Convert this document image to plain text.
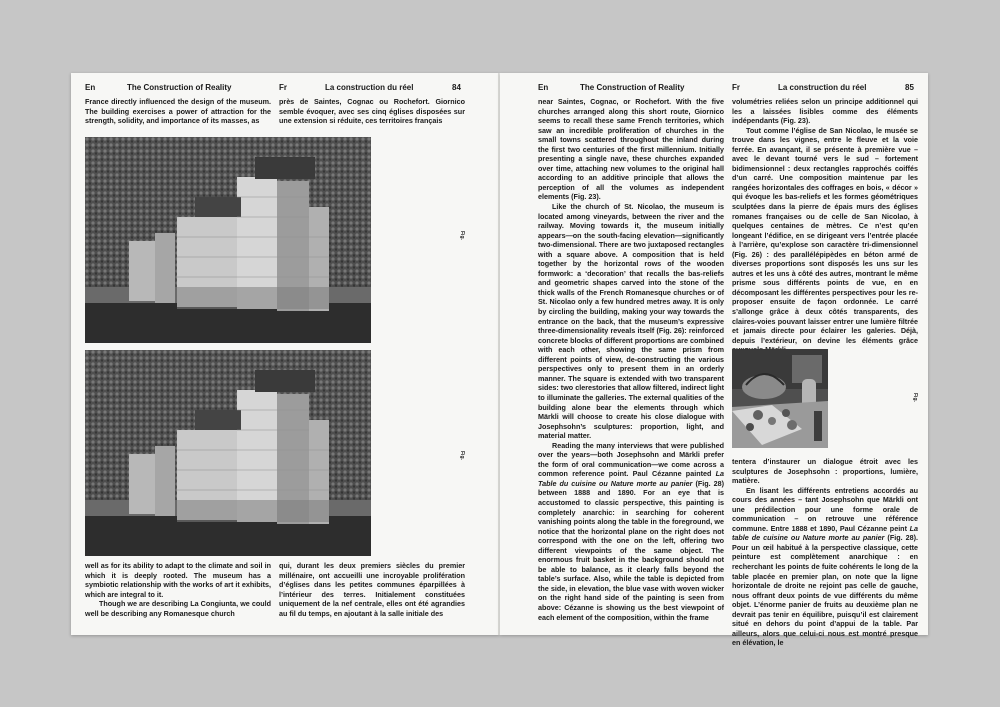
En	The Construction of Reality	Fr	La construction du réel	84

France directly influenced the design of the museum. The building exercises a power of attraction for the strength, solidity, and importance of its masses, as

près de Saintes, Cognac ou Rochefort. Giornico semble évoquer, avec ses cinq églises disposées sur une extension si réduite, ces territoires français

Fig.
Fig.

well as for its ability to adapt to the climate and soil in which it is deeply rooted. The museum has a symbiotic relationship with the works of art it exhibits, which are integral to it.

Though we are describing La Congiunta, we could well be describing any Romanesque church

qui, durant les deux premiers siècles du premier millénaire, ont accueilli une incroyable prolifération d’églises dans les petites communes éparpillées à l’intérieur des terres. Initialement constituées uniquement de la nef centrale, elles ont été agrandies au fil du temps, en ajoutant à la salle initiale des

En	The Construction of Reality	Fr	La construction du réel	85

near Saintes, Cognac, or Rochefort. With the five churches arranged along this short route, Giornico seems to recall these same French territories, which saw an incredible proliferation of churches in the small towns scattered throughout the inland during the first two centuries of the first millennium. Initially presenting a single nave, these churches expanded over time, attaching new volumes to the original hall according to an additive principle that allows the perception of all the volumes as independent elements (Fig. 23).

Like the church of St. Nicolao, the museum is located among vineyards, between the river and the railway. Moving towards it, the museum initially appears—on the south-facing elevation—significantly two-dimensional. There are two juxtaposed rectangles with a square above. A composition that is held together by the horizontal rows of the wooden formwork: a ‘decoration’ that recalls the bas-reliefs and geometric shapes carved into the stone of the thick walls of the French Romanesque churches or of St. Nicolao only a few hundred metres away. It is only by circling the building, making your way towards the entrance on the back, that the museum’s expressive three-dimensionality reveals itself (Fig. 26): reinforced concrete blocks of different proportions are combined with each other, showing the same prism from different points of view, de-constructing the various perspectives only to present them in an orderly manner. The square is extended with two transparent sides: two clerestories that allow filtered, indirect light to illuminate the galleries. The external qualities of the building alone bear the elements through which Märkli will choose to create his close dialogue with Josephsohn’s sculptures: proportion, light, and material matter.

Reading the many interviews that were published over the years—both Josephsohn and Märkli prefer the form of oral communication—we come across a common reference point. Paul Cézanne painted La Table du cuisine ou Nature morte au panier (Fig. 28) between 1888 and 1890. For an eye that is accustomed to classic perspective, this painting is completely anarchic: in searching for coherent vanishing points along the table in the foreground, we notice that the horizontal plane on the right does not correspond with the one on the left, offering two different viewpoints of the same object. The enormous fruit basket in the background should not be able to balance, as it clearly falls beyond the table’s surface. Also, while the table is depicted from the side, in elevation, the blue vase with woven wicker on the right hand side of the painting is seen from above: Cézanne is showing us the best viewpoint of each element of the composition, within the frame

volumétries reliées selon un principe additionnel qui les a laissées lisibles comme des éléments indépendants (Fig. 23).

Tout comme l’église de San Nicolao, le musée se trouve dans les vignes, entre le fleuve et la voie ferrée. En avançant, il se présente à première vue – avec le devant tourné vers le sud – fortement bidimensionnel : deux rectangles rapprochés coiffés d’un carré. Une composition maintenue par les rangées horizontales des coffrages en bois, « décor » qui évoque les bas-reliefs et les formes géométriques sculptées dans la pierre de épais murs des églises romanes françaises ou de celle de San Nicolao, à quelques centaines de mètres. Ce n’est qu’en longeant l’édifice, en se dirigeant vers l’entrée placée à l’arrière, qu’explose son caractère tri-dimensionnel (Fig. 26) : des parallélépipèdes en béton armé de diverses proportions sont disposés les uns sur les autres et les uns à côté des autres, montrant le même prisme sous différents points de vue, en en décomposant les différentes perspectives pour les re-proposer ensuite de façon ordonnée. Le carré s’allonge grâce à deux côtés transparents, des claires-voies pouvant laisser entrer une lumière filtrée et jamais directe pour éclairer les galeries. Déjà, depuis l’extérieur, on devine les éléments grâce

Fig.

tentera d’instaurer un dialogue étroit avec les sculptures de Josephsohn : proportions, lumière, matière.

En lisant les différents entretiens accordés au cours des années – tant Josephsohn que Märkli ont une prédilection pour une forme orale de communication – on retrouve une référence commune. Entre 1888 et 1890, Paul Cézanne peint La table de cuisine ou Nature morte au panier (Fig. 28). Pour un œil habitué à la perspective classique, cette peinture est complètement anarchique : en recherchant les points de fuite cohérents le long de la table placée en premier plan, on note que la ligne horizontale de droite ne rejoint pas celle de gauche, nous offrant deux points de vue différents du même objet. L’énorme panier de fruits au deuxième plan ne devrait pas tenir en équilibre, puisqu’il est clairement situé en dehors du point d’appui de la table. Par ailleurs, alors que celui-ci nous est montré presque en élévation, le
